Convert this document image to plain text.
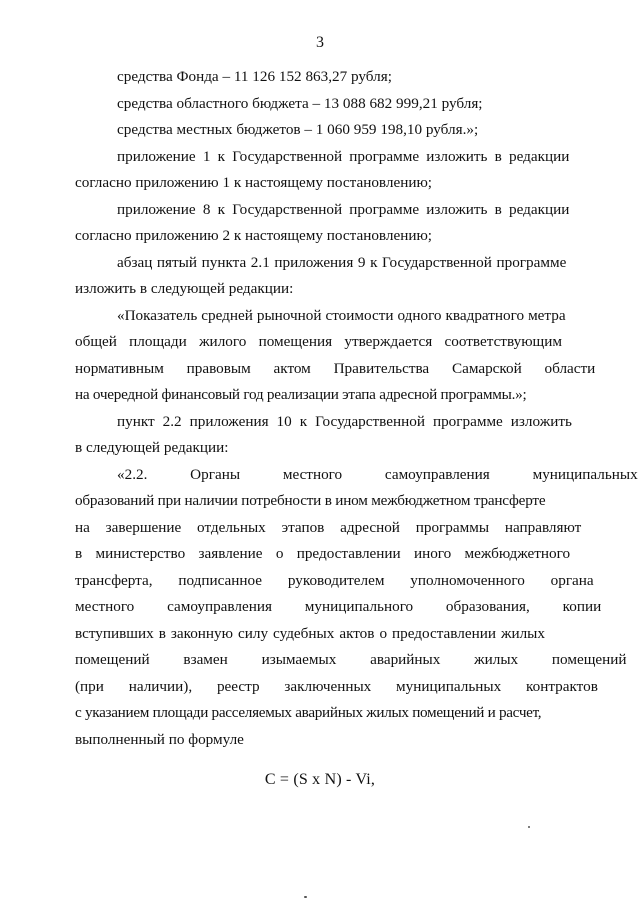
3
средства Фонда – 11 126 152 863,27 рубля;
средства областного бюджета – 13 088 682 999,21 рубля;
средства местных бюджетов – 1 060 959 198,10 рубля.»;
приложение 1 к Государственной программе изложить в редакции
согласно приложению 1 к настоящему постановлению;
приложение 8 к Государственной программе изложить в редакции
согласно приложению 2 к настоящему постановлению;
абзац пятый пункта 2.1 приложения 9 к Государственной программе
изложить в следующей редакции:
«Показатель средней рыночной стоимости одного квадратного метра
общей площади жилого помещения утверждается соответствующим
нормативным правовым актом Правительства Самарской области
на очередной финансовый год реализации этапа адресной программы.»;
пункт 2.2 приложения 10 к Государственной программе изложить
в следующей редакции:
«2.2. Органы местного самоуправления муниципальных
образований при наличии потребности в ином межбюджетном трансферте
на завершение отдельных этапов адресной программы направляют
в министерство заявление о предоставлении иного межбюджетного
трансферта, подписанное руководителем уполномоченного органа
местного самоуправления муниципального образования, копии
вступивших в законную силу судебных актов о предоставлении жилых
помещений взамен изымаемых аварийных жилых помещений
(при наличии), реестр заключенных муниципальных контрактов
с указанием площади расселяемых аварийных жилых помещений и расчет,
выполненный по формуле
C = (S x N) - Vi,
